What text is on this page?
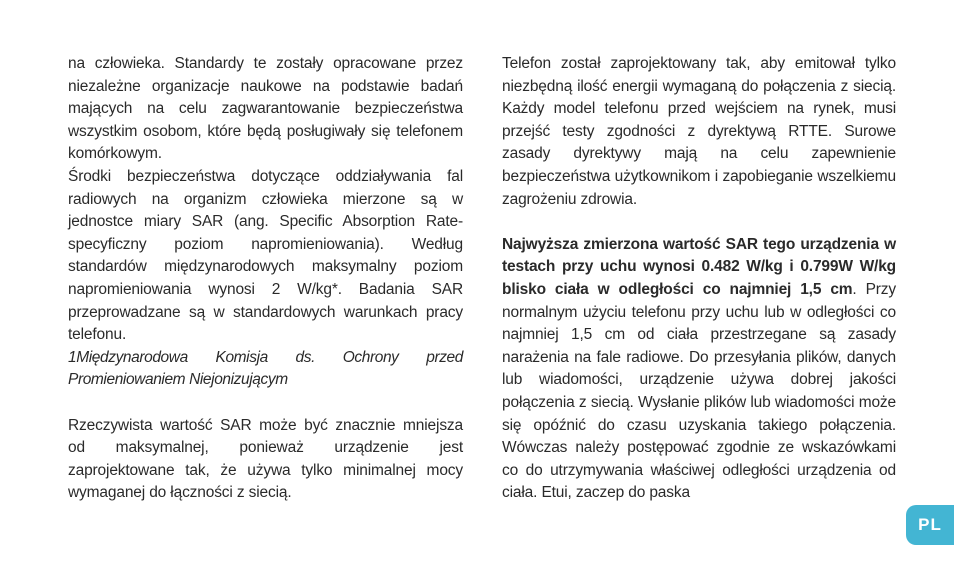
na człowieka. Standardy te zostały opracowane przez niezależne organizacje naukowe na podstawie badań mających na celu zagwarantowanie bezpieczeństwa wszystkim osobom, które będą posługiwały się telefonem komórkowym.

Środki bezpieczeństwa dotyczące oddziaływania fal radiowych na organizm człowieka mierzone są w jednostce miary SAR (ang. Specific Absorption Rate-specyficzny poziom napromieniowania). Według standardów międzynarodowych maksymalny poziom napromieniowania wynosi 2 W/kg*. Badania SAR przeprowadzane są w standardowych warunkach pracy telefonu.

1Międzynarodowa Komisja ds. Ochrony przed Promieniowaniem Niejonizującym

Rzeczywista wartość SAR może być znacznie mniejsza od maksymalnej, ponieważ urządzenie jest zaprojektowane tak, że używa tylko minimalnej mocy wymaganej do łączności z siecią.

Telefon został zaprojektowany tak, aby emitował tylko niezbędną ilość energii wymaganą do połączenia z siecią. Każdy model telefonu przed wejściem na rynek, musi przejść testy zgodności z dyrektywą RTTE. Surowe zasady dyrektywy mają na celu zapewnienie bezpieczeństwa użytkownikom i zapobieganie wszelkiemu zagrożeniu zdrowia.

Najwyższa zmierzona wartość SAR tego urządzenia w testach przy uchu wynosi 0.482 W/kg i 0.799W W/kg blisko ciała w odległości co najmniej 1,5 cm. Przy normalnym użyciu telefonu przy uchu lub w odległości co najmniej 1,5 cm od ciała przestrzegane są zasady narażenia na fale radiowe. Do przesyłania plików, danych lub wiadomości, urządzenie używa dobrej jakości połączenia z siecią. Wysłanie plików lub wiadomości może się opóźnić do czasu uzyskania takiego połączenia. Wówczas należy postępować zgodnie ze wskazówkami co do utrzymywania właściwej odległości urządzenia od ciała. Etui, zaczep do paska

PL
